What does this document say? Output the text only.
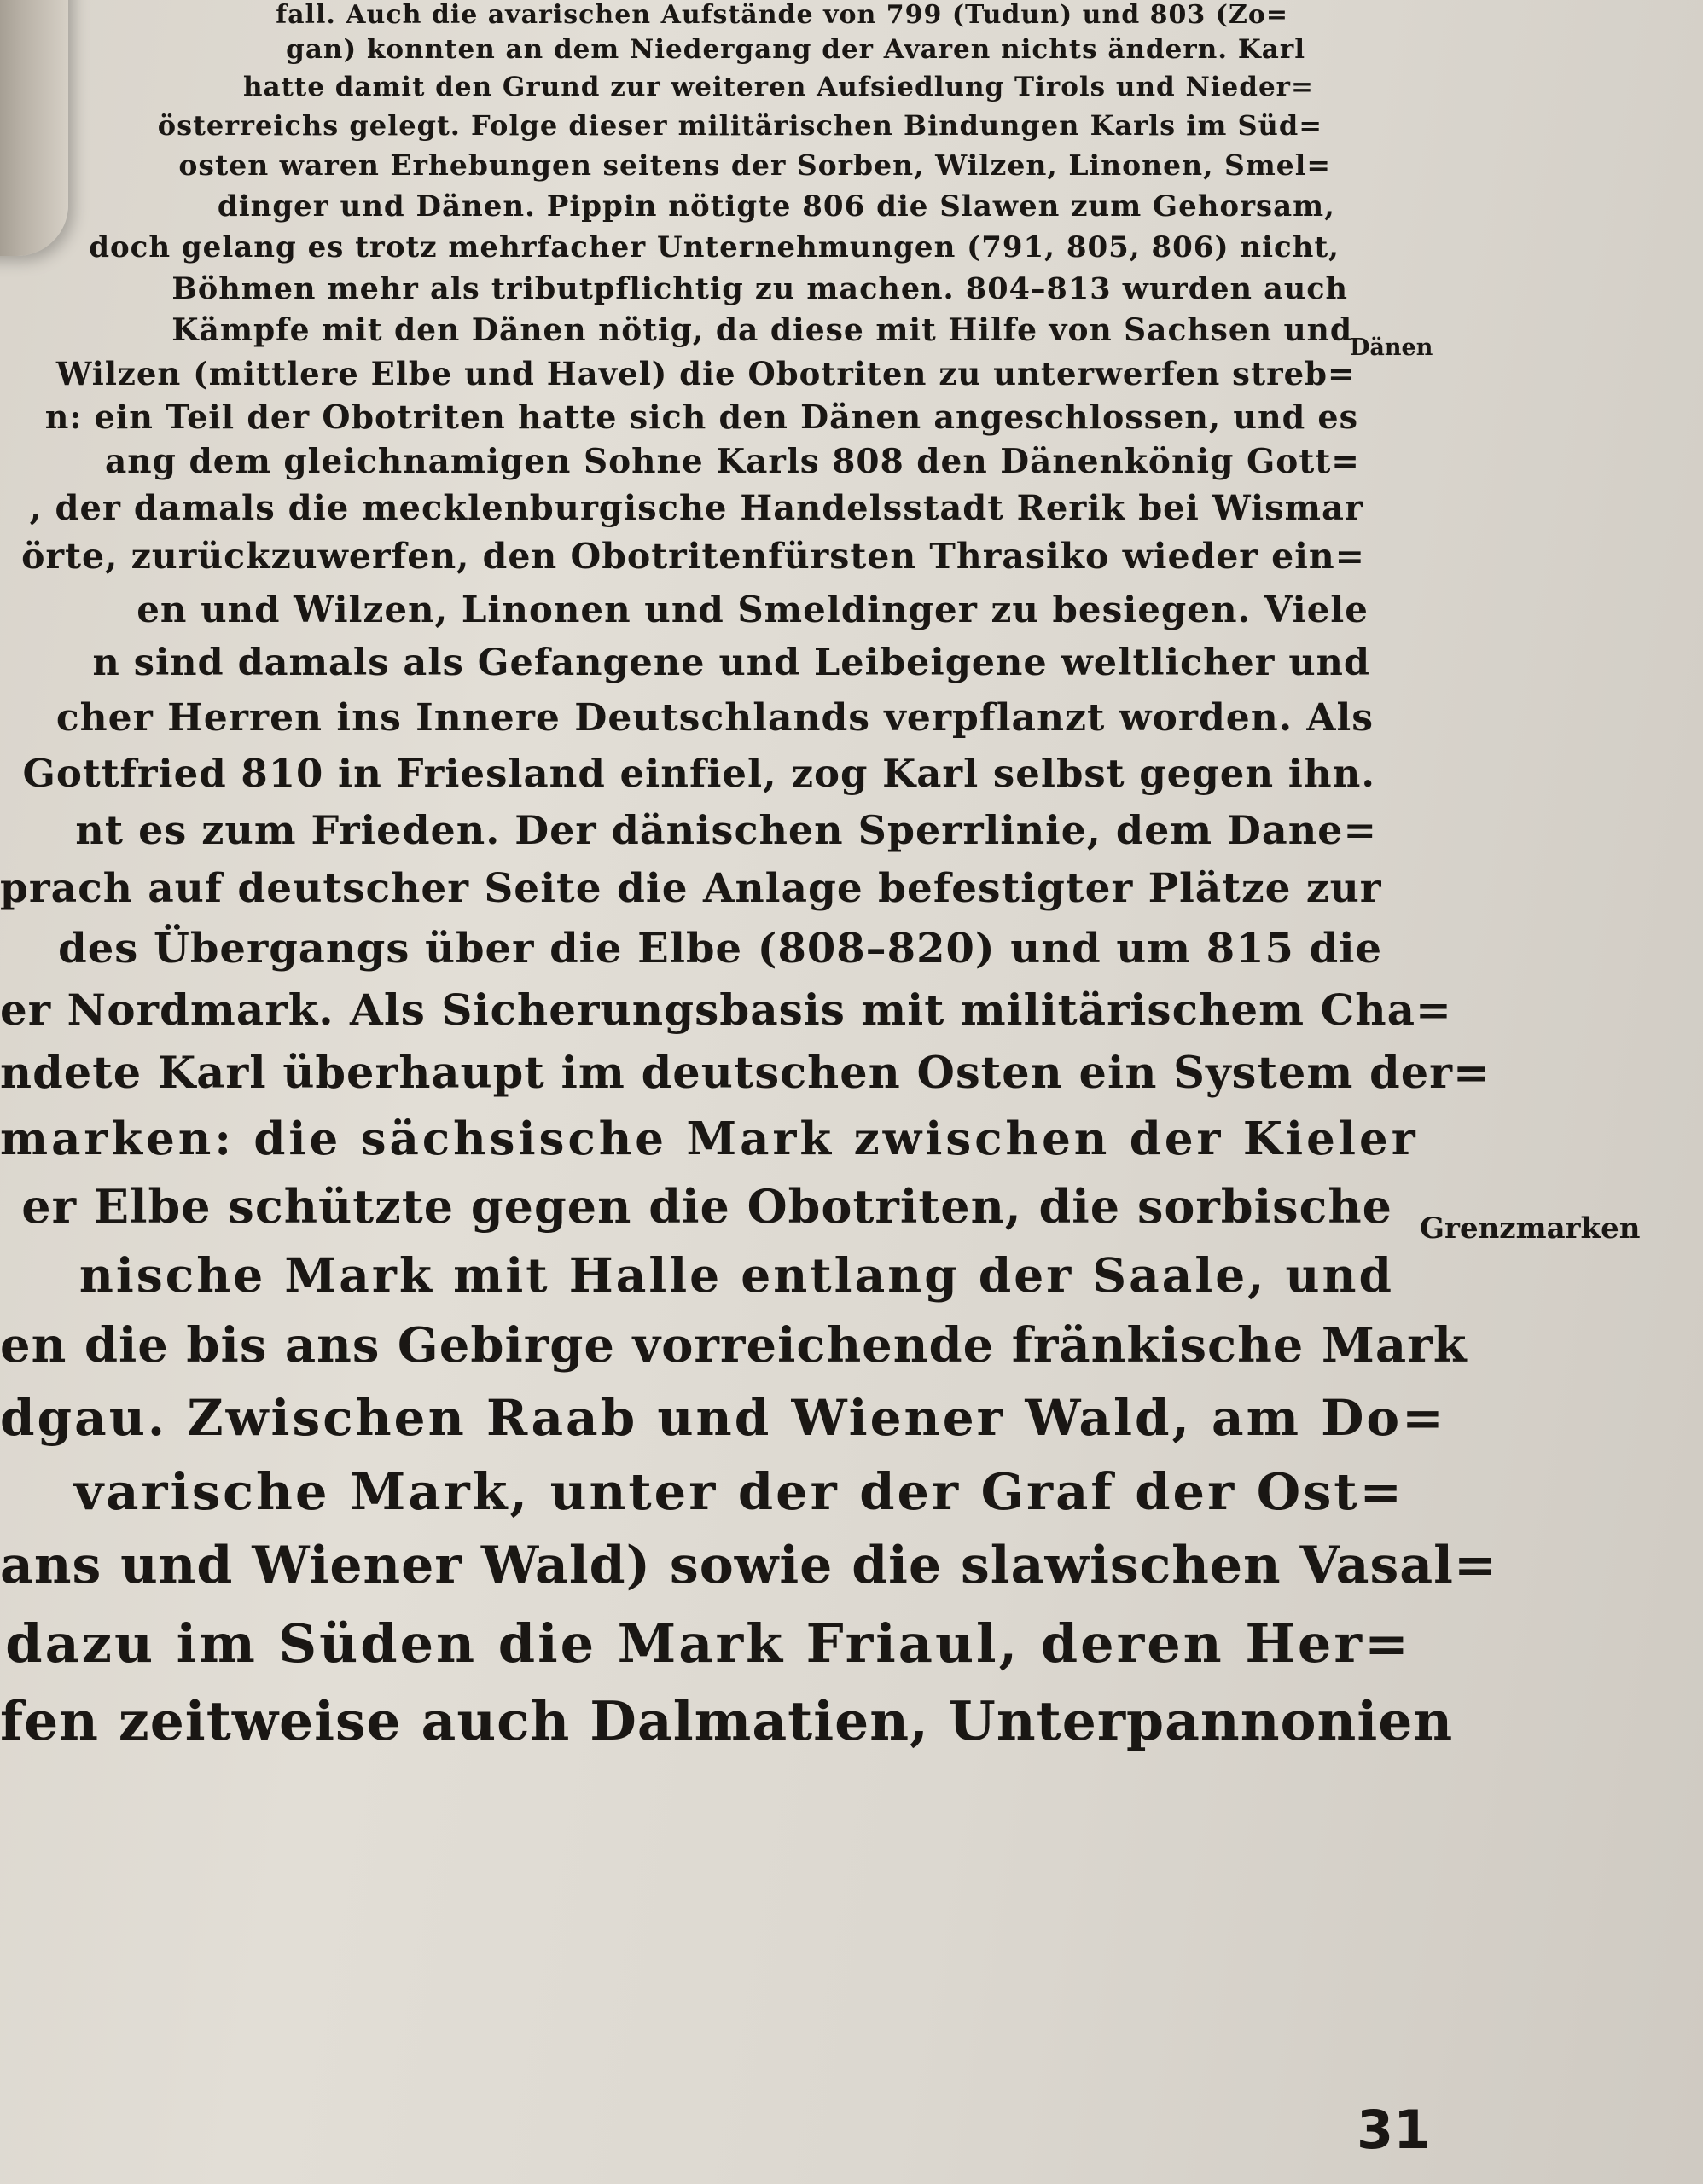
fall. Auch die avarischen Aufstände von 799 (Tudun) und 803 (Zo=
gan) konnten an dem Niedergang der Avaren nichts ändern. Karl
hatte damit den Grund zur weiteren Aufsiedlung Tirols und Nieder=
österreichs gelegt. Folge dieser militärischen Bindungen Karls im Süd=
osten waren Erhebungen seitens der Sorben, Wilzen, Linonen, Smel=
dinger und Dänen. Pippin nötigte 806 die Slawen zum Gehorsam,
doch gelang es trotz mehrfacher Unternehmungen (791, 805, 806) nicht,
Böhmen mehr als tributpflichtig zu machen. 804–813 wurden auch
Kämpfe mit den Dänen nötig, da diese mit Hilfe von Sachsen und
Wilzen (mittlere Elbe und Havel) die Obotriten zu unterwerfen streb=
n: ein Teil der Obotriten hatte sich den Dänen angeschlossen, und es
ang dem gleichnamigen Sohne Karls 808 den Dänenkönig Gott=
, der damals die mecklenburgische Handelsstadt Rerik bei Wismar
örte, zurückzuwerfen, den Obotritenfürsten Thrasiko wieder ein=
en und Wilzen, Linonen und Smeldinger zu besiegen. Viele
n sind damals als Gefangene und Leibeigene weltlicher und
cher Herren ins Innere Deutschlands verpflanzt worden. Als
Gottfried 810 in Friesland einfiel, zog Karl selbst gegen ihn.
nt es zum Frieden. Der dänischen Sperrlinie, dem Dane=
prach auf deutscher Seite die Anlage befestigter Plätze zur
des Übergangs über die Elbe (808–820) und um 815 die
er Nordmark. Als Sicherungsbasis mit militärischem Cha=
ndete Karl überhaupt im deutschen Osten ein System der=
marken: die sächsische Mark zwischen der Kieler
er Elbe schützte gegen die Obotriten, die sorbische
nische Mark mit Halle entlang der Saale, und
en die bis ans Gebirge vorreichende fränkische Mark
dgau. Zwischen Raab und Wiener Wald, am Do=
varische Mark, unter der der Graf der Ost=
ans und Wiener Wald) sowie die slawischen Vasal=
dazu im Süden die Mark Friaul, deren Her=
fen zeitweise auch Dalmatien, Unterpannonien
Dänen
Grenzmarken
31
